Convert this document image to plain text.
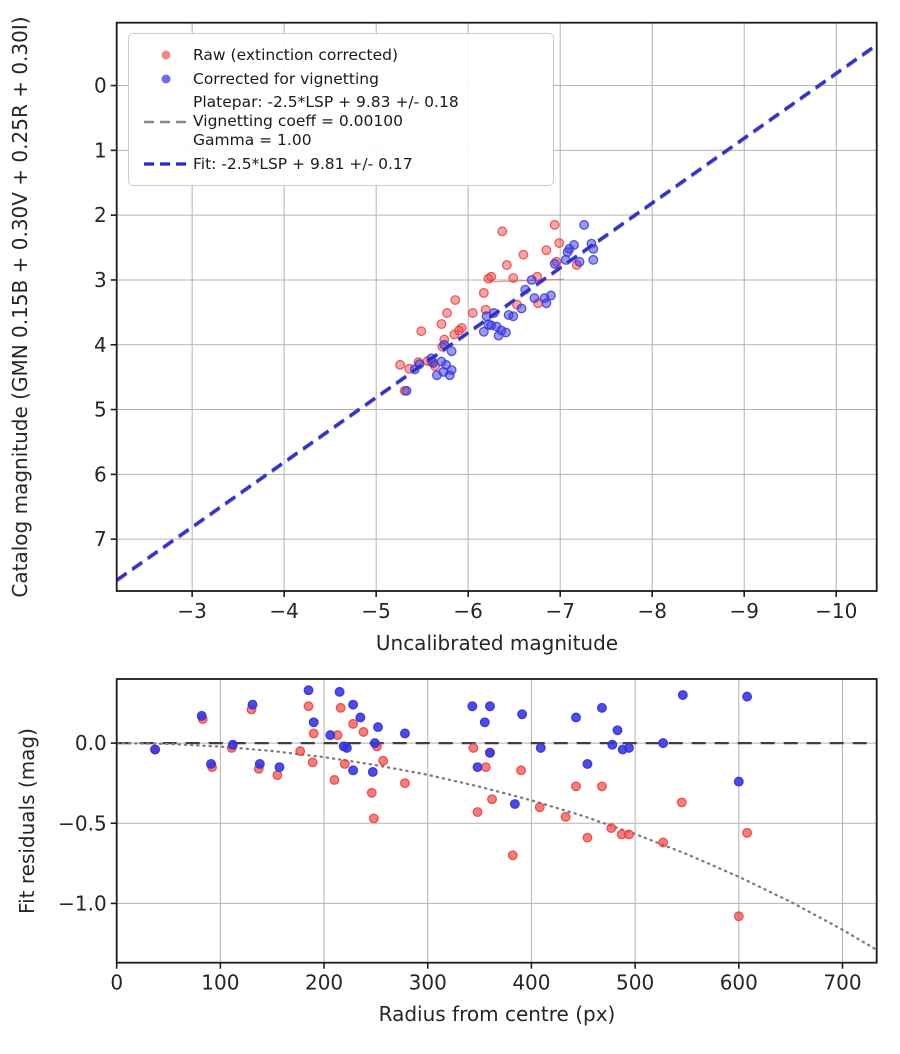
−3	−4	−5	−6	−7	−8	−9	−10
0
1
2
3
4
5
6
7
0	100	200	300	400	500	600	700
0.0
−0.5
−1.0
Uncalibrated magnitude
Catalog magnitude (GMN 0.15B + 0.30V + 0.25R + 0.30I)
Radius from centre (px)
Fit residuals (mag)
Raw (extinction corrected)
Corrected for vignetting
Platepar: -2.5*LSP + 9.83 +/- 0.18
Vignetting coeff = 0.00100
Gamma = 1.00
Fit: -2.5*LSP + 9.81 +/- 0.17
